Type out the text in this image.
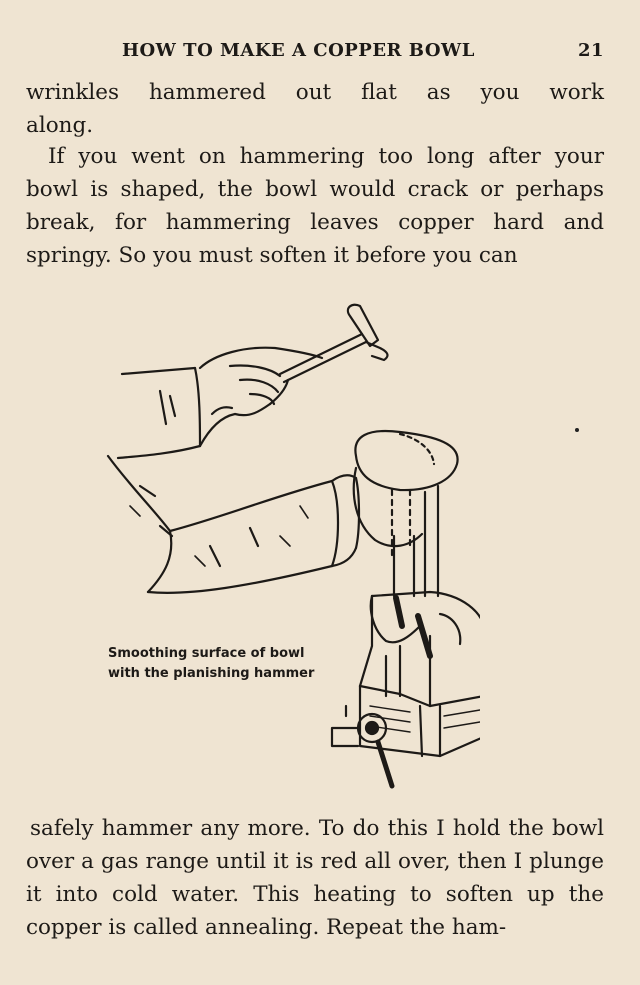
HOW TO MAKE A COPPER BOWL	21

wrinkles hammered out flat as you work
along.

If you went on hammering too long after your bowl is shaped, the bowl would crack or perhaps break, for hammering leaves copper hard and springy. So you must soften it before you can

Smoothing surface of bowl
with the planishing hammer

safely hammer any more. To do this I hold the bowl over a gas range until it is red all over, then I plunge it into cold water. This heating to soften up the copper is called annealing. Repeat the ham-
